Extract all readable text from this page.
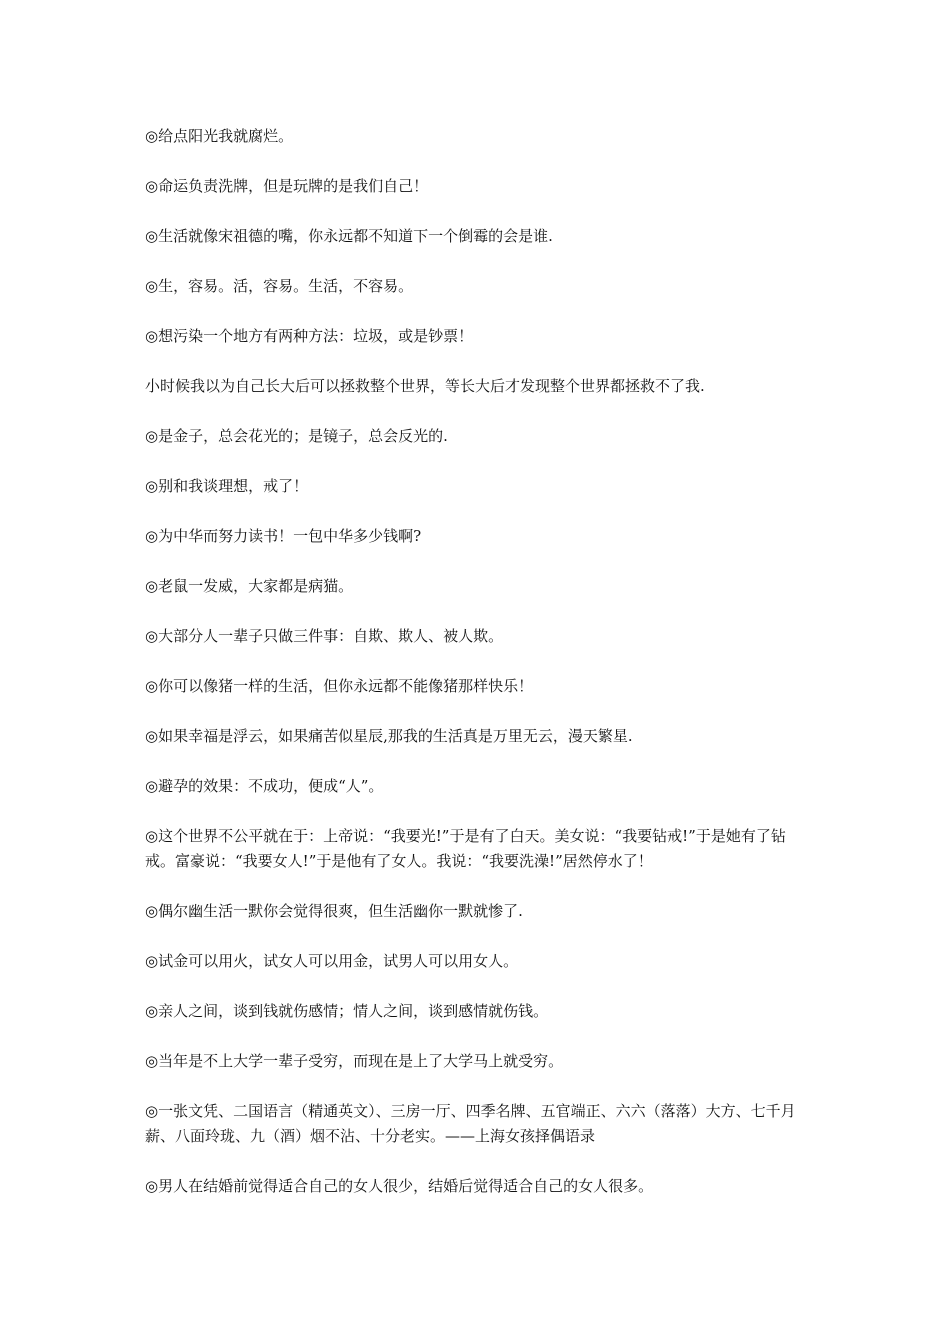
◎给点阳光我就腐烂。

◎命运负责洗牌，但是玩牌的是我们自己！

◎生活就像宋祖德的嘴，你永远都不知道下一个倒霉的会是谁.

◎生，容易。活，容易。生活，不容易。

◎想污染一个地方有两种方法：垃圾，或是钞票！

小时候我以为自己长大后可以拯救整个世界，等长大后才发现整个世界都拯救不了我.

◎是金子，总会花光的；是镜子，总会反光的.

◎别和我谈理想，戒了！

◎为中华而努力读书！一包中华多少钱啊?

◎老鼠一发威，大家都是病猫。

◎大部分人一辈子只做三件事：自欺、欺人、被人欺。

◎你可以像猪一样的生活，但你永远都不能像猪那样快乐！

◎如果幸福是浮云，如果痛苦似星辰,那我的生活真是万里无云，漫天繁星.

◎避孕的效果：不成功，便成“人”。

◎这个世界不公平就在于：上帝说：“我要光!”于是有了白天。美女说：“我要钻戒!”于是她有了钻戒。富豪说：“我要女人!”于是他有了女人。我说：“我要洗澡!”居然停水了！

◎偶尔幽生活一默你会觉得很爽，但生活幽你一默就惨了.

◎试金可以用火，试女人可以用金，试男人可以用女人。

◎亲人之间，谈到钱就伤感情；情人之间，谈到感情就伤钱。

◎当年是不上大学一辈子受穷，而现在是上了大学马上就受穷。

◎一张文凭、二国语言（精通英文）、三房一厅、四季名牌、五官端正、六六（落落）大方、七千月薪、八面玲珑、九（酒）烟不沾、十分老实。——上海女孩择偶语录

◎男人在结婚前觉得适合自己的女人很少，结婚后觉得适合自己的女人很多。
